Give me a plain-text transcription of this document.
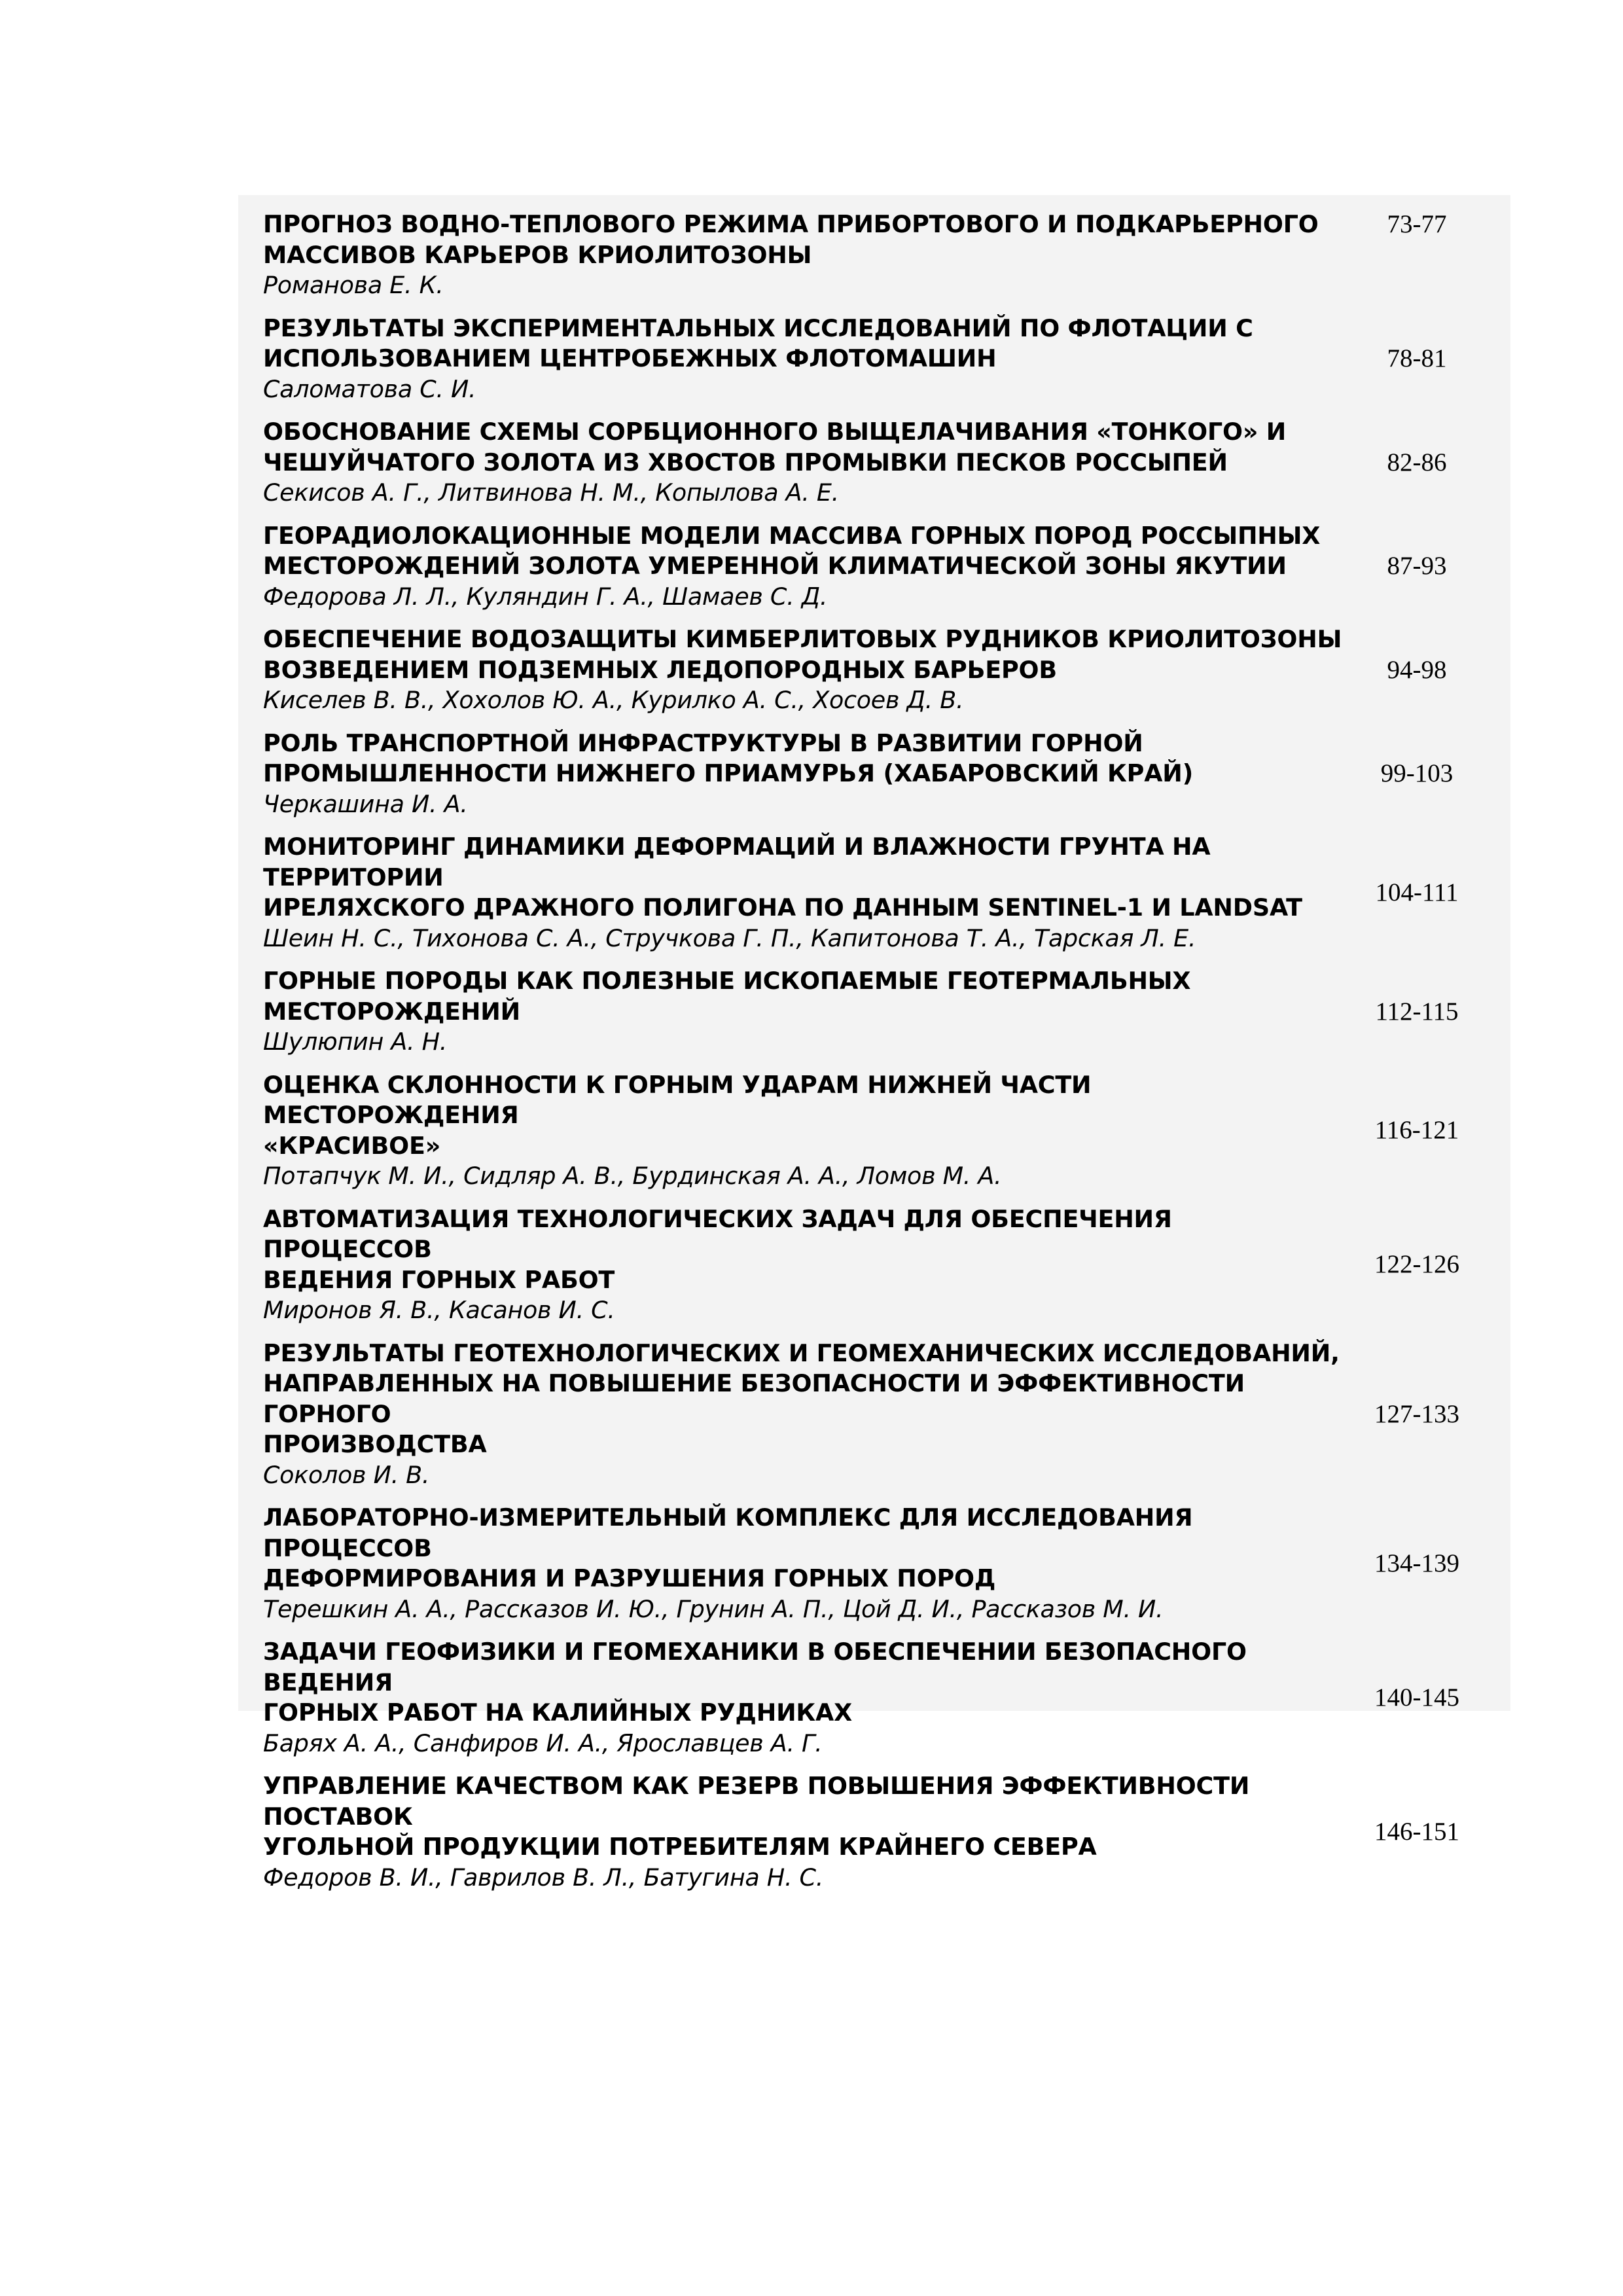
ПРОГНОЗ ВОДНО-ТЕПЛОВОГО РЕЖИМА ПРИБОРТОВОГО И ПОДКАРЬЕРНОГО
МАССИВОВ КАРЬЕРОВ КРИОЛИТОЗОНЫ
Романова Е. К.
73-77
РЕЗУЛЬТАТЫ ЭКСПЕРИМЕНТАЛЬНЫХ ИССЛЕДОВАНИЙ ПО ФЛОТАЦИИ С
ИСПОЛЬЗОВАНИЕМ ЦЕНТРОБЕЖНЫХ ФЛОТОМАШИН
Саломатова С. И.
78-81
ОБОСНОВАНИЕ СХЕМЫ СОРБЦИОННОГО ВЫЩЕЛАЧИВАНИЯ «ТОНКОГО» И
ЧЕШУЙЧАТОГО ЗОЛОТА ИЗ ХВОСТОВ ПРОМЫВКИ ПЕСКОВ РОССЫПЕЙ
Секисов А. Г., Литвинова Н. М., Копылова А. Е.
82-86
ГЕОРАДИОЛОКАЦИОННЫЕ МОДЕЛИ МАССИВА ГОРНЫХ ПОРОД РОССЫПНЫХ
МЕСТОРОЖДЕНИЙ ЗОЛОТА УМЕРЕННОЙ КЛИМАТИЧЕСКОЙ ЗОНЫ ЯКУТИИ
Федорова Л. Л., Куляндин Г. А., Шамаев С. Д.
87-93
ОБЕСПЕЧЕНИЕ ВОДОЗАЩИТЫ КИМБЕРЛИТОВЫХ РУДНИКОВ КРИОЛИТОЗОНЫ
ВОЗВЕДЕНИЕМ ПОДЗЕМНЫХ ЛЕДОПОРОДНЫХ БАРЬЕРОВ
Киселев В. В., Хохолов Ю. А., Курилко А. С., Хосоев Д. В.
94-98
РОЛЬ ТРАНСПОРТНОЙ ИНФРАСТРУКТУРЫ В РАЗВИТИИ ГОРНОЙ
ПРОМЫШЛЕННОСТИ НИЖНЕГО ПРИАМУРЬЯ (ХАБАРОВСКИЙ КРАЙ)
Черкашина И. А.
99-103
МОНИТОРИНГ ДИНАМИКИ ДЕФОРМАЦИЙ И ВЛАЖНОСТИ ГРУНТА НА ТЕРРИТОРИИ
ИРЕЛЯХСКОГО ДРАЖНОГО ПОЛИГОНА ПО ДАННЫМ SENTINEL-1 И LANDSAT
Шеин Н. С., Тихонова С. А., Стручкова Г. П., Капитонова Т. А., Тарская Л. Е.
104-111
ГОРНЫЕ ПОРОДЫ КАК ПОЛЕЗНЫЕ ИСКОПАЕМЫЕ ГЕОТЕРМАЛЬНЫХ
МЕСТОРОЖДЕНИЙ
Шулюпин А. Н.
112-115
ОЦЕНКА СКЛОННОСТИ К ГОРНЫМ УДАРАМ НИЖНЕЙ ЧАСТИ МЕСТОРОЖДЕНИЯ
«КРАСИВОЕ»
Потапчук М. И., Сидляр А. В., Бурдинская А. А., Ломов М. А.
116-121
АВТОМАТИЗАЦИЯ ТЕХНОЛОГИЧЕСКИХ ЗАДАЧ ДЛЯ ОБЕСПЕЧЕНИЯ ПРОЦЕССОВ
ВЕДЕНИЯ ГОРНЫХ РАБОТ
Миронов Я. В., Касанов И. С.
122-126
РЕЗУЛЬТАТЫ ГЕОТЕХНОЛОГИЧЕСКИХ И ГЕОМЕХАНИЧЕСКИХ ИССЛЕДОВАНИЙ,
НАПРАВЛЕННЫХ НА ПОВЫШЕНИЕ БЕЗОПАСНОСТИ И ЭФФЕКТИВНОСТИ ГОРНОГО
ПРОИЗВОДСТВА
Соколов И. В.
127-133
ЛАБОРАТОРНО-ИЗМЕРИТЕЛЬНЫЙ КОМПЛЕКС ДЛЯ ИССЛЕДОВАНИЯ ПРОЦЕССОВ
ДЕФОРМИРОВАНИЯ И РАЗРУШЕНИЯ ГОРНЫХ ПОРОД
Терешкин А. А., Рассказов И. Ю., Грунин А. П., Цой Д. И., Рассказов М. И.
134-139
ЗАДАЧИ ГЕОФИЗИКИ И ГЕОМЕХАНИКИ В ОБЕСПЕЧЕНИИ БЕЗОПАСНОГО ВЕДЕНИЯ
ГОРНЫХ РАБОТ НА КАЛИЙНЫХ РУДНИКАХ
Барях А. А., Санфиров И. А., Ярославцев А. Г.
140-145
УПРАВЛЕНИЕ КАЧЕСТВОМ КАК РЕЗЕРВ ПОВЫШЕНИЯ ЭФФЕКТИВНОСТИ ПОСТАВОК
УГОЛЬНОЙ ПРОДУКЦИИ ПОТРЕБИТЕЛЯМ КРАЙНЕГО СЕВЕРА
Федоров В. И., Гаврилов В. Л., Батугина Н. С.
146-151
